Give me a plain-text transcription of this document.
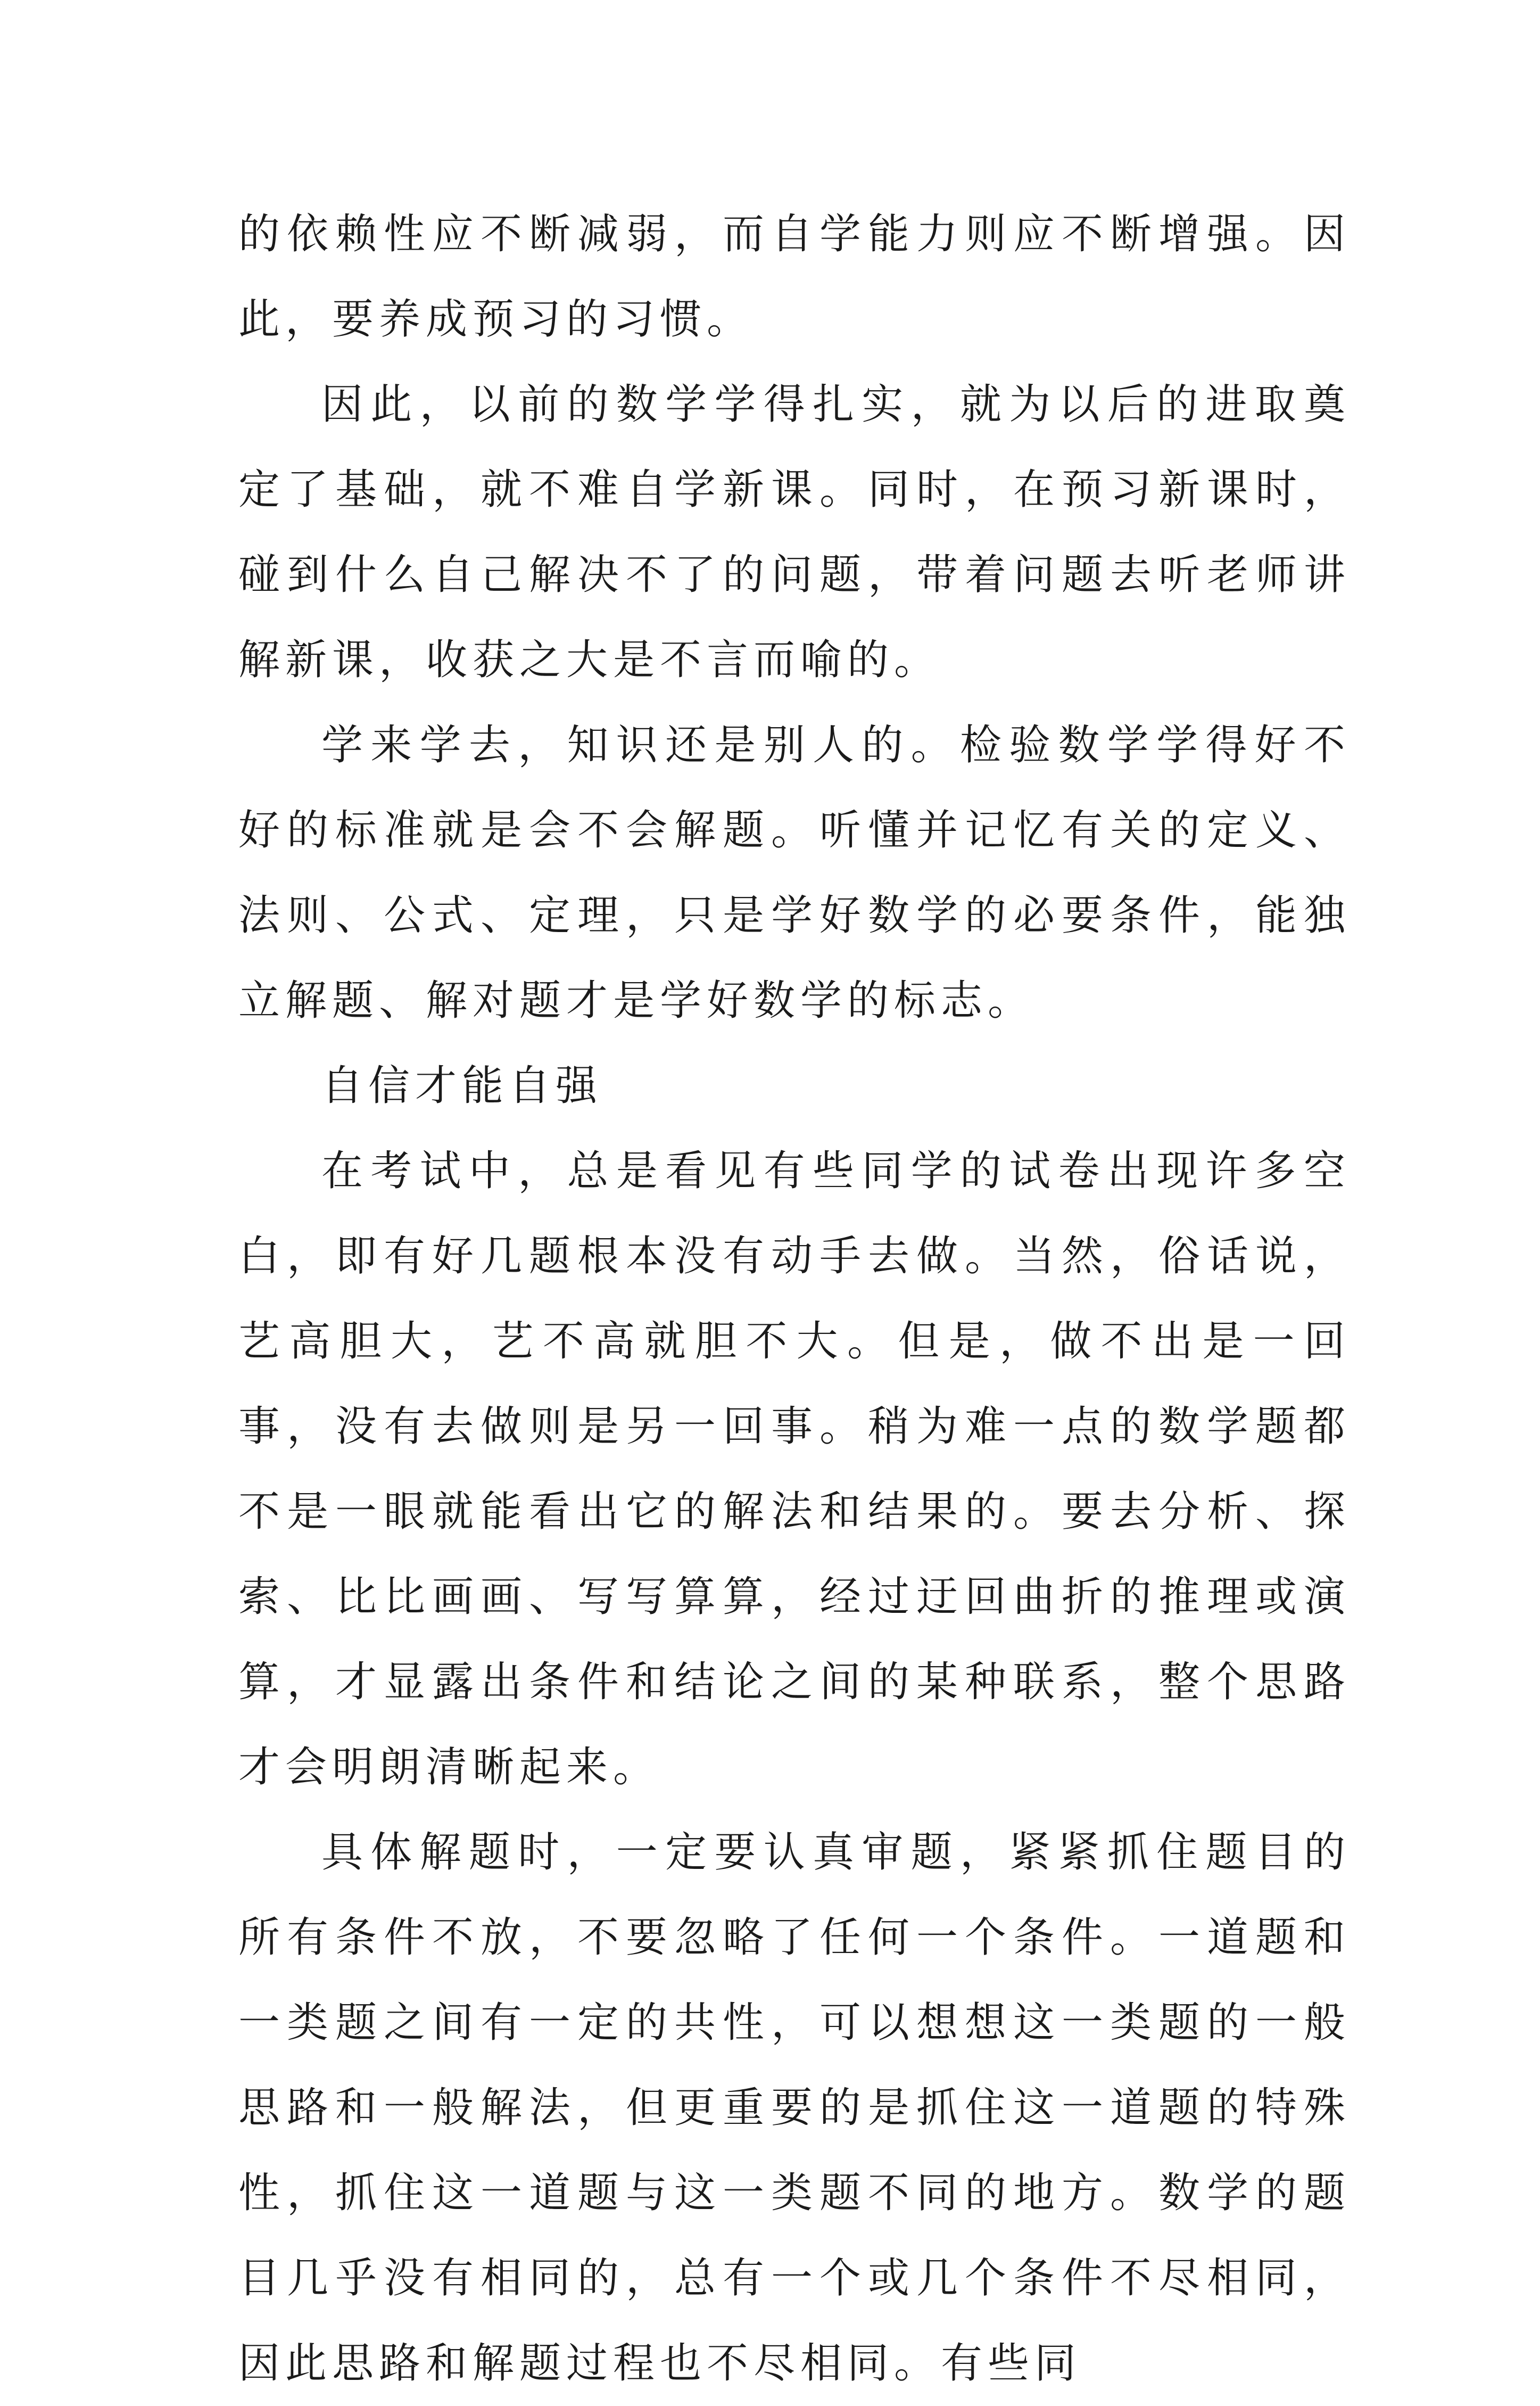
的依赖性应不断减弱，而自学能力则应不断增强。因此，要养成预习的习惯。

因此，以前的数学学得扎实，就为以后的进取奠定了基础，就不难自学新课。同时，在预习新课时，碰到什么自己解决不了的问题，带着问题去听老师讲解新课，收获之大是不言而喻的。

学来学去，知识还是别人的。检验数学学得好不好的标准就是会不会解题。听懂并记忆有关的定义、法则、公式、定理，只是学好数学的必要条件，能独立解题、解对题才是学好数学的标志。

自信才能自强

在考试中，总是看见有些同学的试卷出现许多空白，即有好几题根本没有动手去做。当然，俗话说，艺高胆大，艺不高就胆不大。但是，做不出是一回事，没有去做则是另一回事。稍为难一点的数学题都不是一眼就能看出它的解法和结果的。要去分析、探索、比比画画、写写算算，经过迂回曲折的推理或演算，才显露出条件和结论之间的某种联系，整个思路才会明朗清晰起来。

具体解题时，一定要认真审题，紧紧抓住题目的所有条件不放，不要忽略了任何一个条件。一道题和一类题之间有一定的共性，可以想想这一类题的一般思路和一般解法，但更重要的是抓住这一道题的特殊性，抓住这一道题与这一类题不同的地方。数学的题目几乎没有相同的，总有一个或几个条件不尽相同，因此思路和解题过程也不尽相同。有些同
